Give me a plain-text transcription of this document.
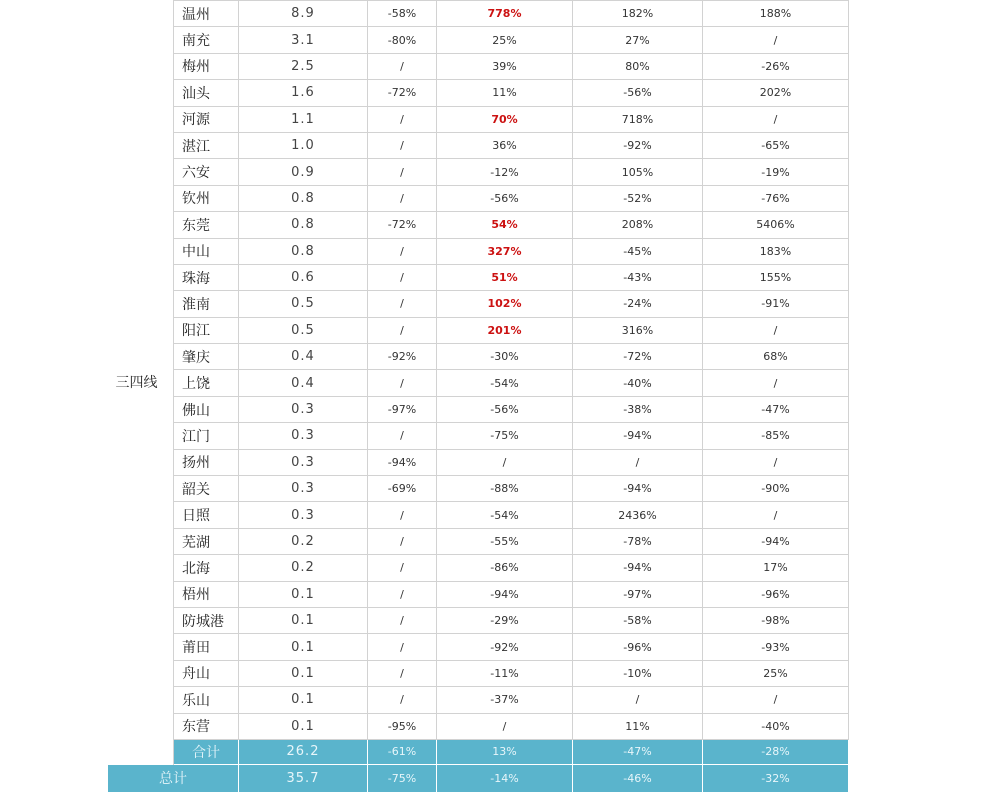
三四线	温州	8.9	-58%	778%	182%	188%
	南充	3.1	-80%	25%	27%	/
	梅州	2.5	/	39%	80%	-26%
	汕头	1.6	-72%	11%	-56%	202%
	河源	1.1	/	70%	718%	/
	湛江	1.0	/	36%	-92%	-65%
	六安	0.9	/	-12%	105%	-19%
	钦州	0.8	/	-56%	-52%	-76%
	东莞	0.8	-72%	54%	208%	5406%
	中山	0.8	/	327%	-45%	183%
	珠海	0.6	/	51%	-43%	155%
	淮南	0.5	/	102%	-24%	-91%
	阳江	0.5	/	201%	316%	/
	肇庆	0.4	-92%	-30%	-72%	68%
	上饶	0.4	/	-54%	-40%	/
	佛山	0.3	-97%	-56%	-38%	-47%
	江门	0.3	/	-75%	-94%	-85%
	扬州	0.3	-94%	/	/	/
	韶关	0.3	-69%	-88%	-94%	-90%
	日照	0.3	/	-54%	2436%	/
	芜湖	0.2	/	-55%	-78%	-94%
	北海	0.2	/	-86%	-94%	17%
	梧州	0.1	/	-94%	-97%	-96%
	防城港	0.1	/	-29%	-58%	-98%
	莆田	0.1	/	-92%	-96%	-93%
	舟山	0.1	/	-11%	-10%	25%
	乐山	0.1	/	-37%	/	/
	东营	0.1	-95%	/	11%	-40%
	合计	26.2	-61%	13%	-47%	-28%
总计		35.7	-75%	-14%	-46%	-32%
